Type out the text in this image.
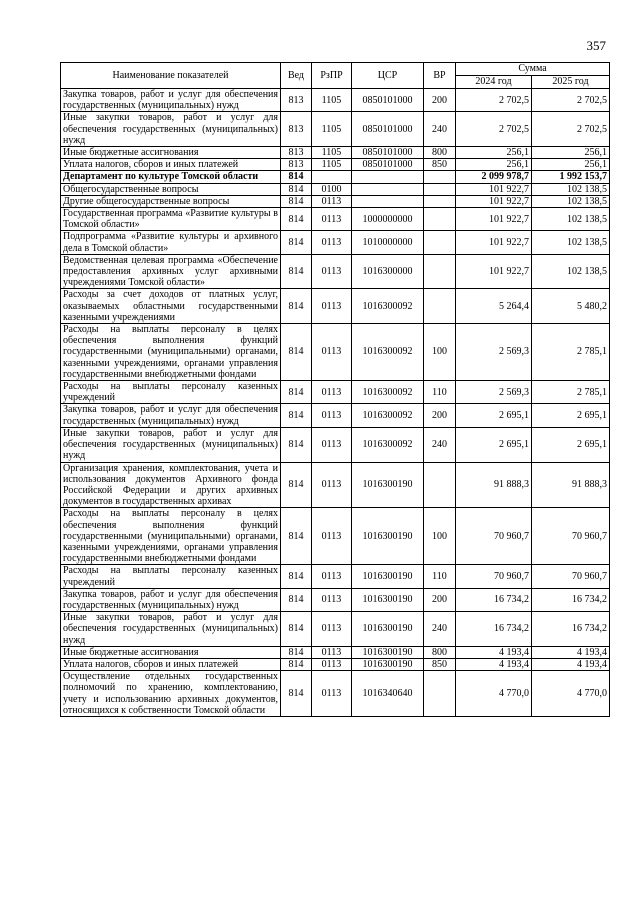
357
Наименование показателей	Вед	РзПР	ЦСР	ВР	Сумма	
					2024 год	2025 год
Закупка товаров, работ и услуг для обеспечения государственных (муниципальных) нужд	813	1105	0850101000	200	2 702,5	2 702,5
Иные закупки товаров, работ и услуг для обеспечения государственных (муниципальных) нужд	813	1105	0850101000	240	2 702,5	2 702,5
Иные бюджетные ассигнования	813	1105	0850101000	800	256,1	256,1
Уплата налогов, сборов и иных платежей	813	1105	0850101000	850	256,1	256,1
Департамент по культуре Томской области	814				2 099 978,7	1 992 153,7
Общегосударственные вопросы	814	0100			101 922,7	102 138,5
Другие общегосударственные вопросы	814	0113			101 922,7	102 138,5
Государственная программа «Развитие культуры в Томской области»	814	0113	1000000000		101 922,7	102 138,5
Подпрограмма «Развитие культуры и архивного дела в Томской области»	814	0113	1010000000		101 922,7	102 138,5
Ведомственная целевая программа «Обеспечение предоставления архивных услуг архивными учреждениями Томской области»	814	0113	1016300000		101 922,7	102 138,5
Расходы за счет доходов от платных услуг, оказываемых областными государственными казенными учреждениями	814	0113	1016300092		5 264,4	5 480,2
Расходы на выплаты персоналу в целях обеспечения выполнения функций государственными (муниципальными) органами, казенными учреждениями, органами управления государственными внебюджетными фондами	814	0113	1016300092	100	2 569,3	2 785,1
Расходы на выплаты персоналу казенных учреждений	814	0113	1016300092	110	2 569,3	2 785,1
Закупка товаров, работ и услуг для обеспечения государственных (муниципальных) нужд	814	0113	1016300092	200	2 695,1	2 695,1
Иные закупки товаров, работ и услуг для обеспечения государственных (муниципальных) нужд	814	0113	1016300092	240	2 695,1	2 695,1
Организация хранения, комплектования, учета и использования документов Архивного фонда Российской Федерации и других архивных документов в государственных архивах	814	0113	1016300190		91 888,3	91 888,3
Расходы на выплаты персоналу в целях обеспечения выполнения функций государственными (муниципальными) органами, казенными учреждениями, органами управления государственными внебюджетными фондами	814	0113	1016300190	100	70 960,7	70 960,7
Расходы на выплаты персоналу казенных учреждений	814	0113	1016300190	110	70 960,7	70 960,7
Закупка товаров, работ и услуг для обеспечения государственных (муниципальных) нужд	814	0113	1016300190	200	16 734,2	16 734,2
Иные закупки товаров, работ и услуг для обеспечения государственных (муниципальных) нужд	814	0113	1016300190	240	16 734,2	16 734,2
Иные бюджетные ассигнования	814	0113	1016300190	800	4 193,4	4 193,4
Уплата налогов, сборов и иных платежей	814	0113	1016300190	850	4 193,4	4 193,4
Осуществление отдельных государственных полномочий по хранению, комплектованию, учету и использованию архивных документов, относящихся к собственности Томской области	814	0113	1016340640		4 770,0	4 770,0
